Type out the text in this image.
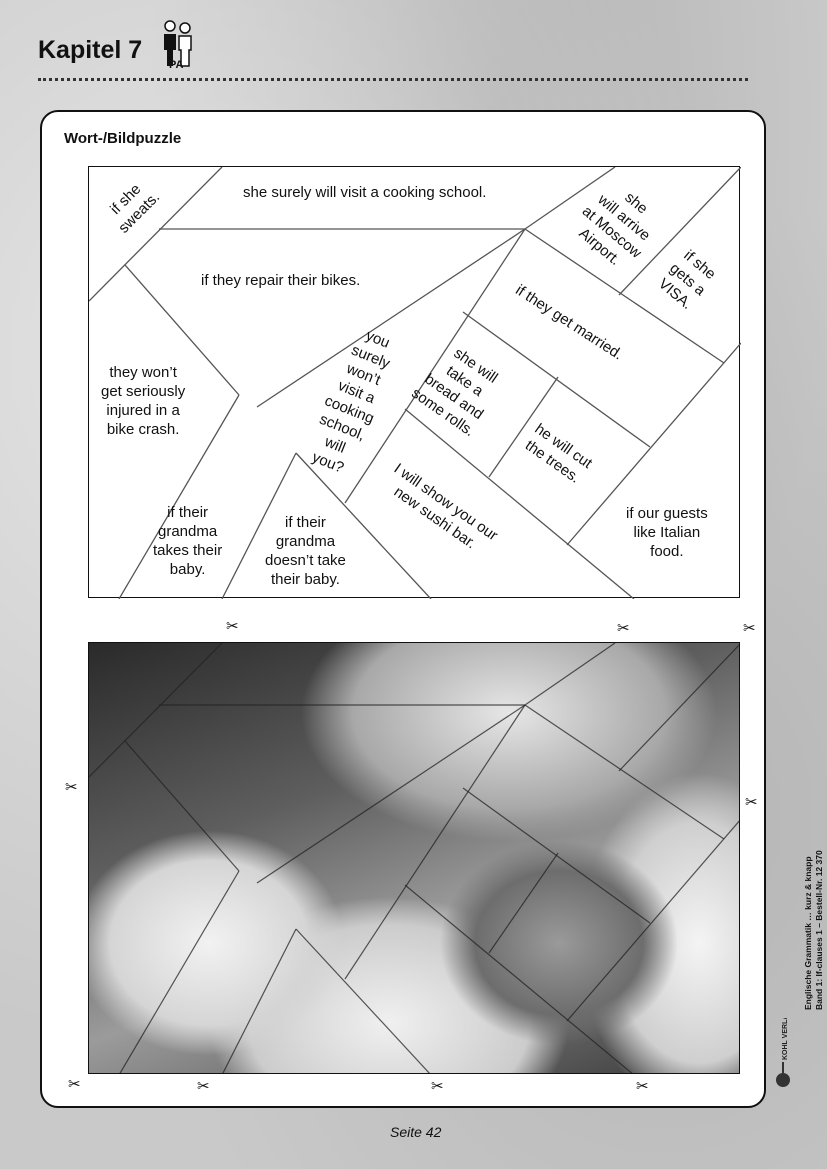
Kapitel 7
PA
Wort-/Bildpuzzle
if she
sweats.	she surely will visit a cooking school.	she
will arrive
at Moscow
Airport.	if she
gets a
VISA.
if they repair their bikes.
if they get married.
they won’t
get seriously
injured in a
bike crash.
you
surely
won’t
visit a
cooking
school,
will
you?
she will
take a
bread and
some rolls.
he will cut
the trees.
if their
grandma
takes their
baby.
if their
grandma
doesn’t take
their baby.
I will show you our
new sushi bar.	if our guests
like Italian
food.
✂	✂	✂
✂
✂
✂	✂	✂	✂
Englische Grammatik … kurz & knapp Band 1: If-clauses 1 – Bestell-Nr. 12 370
KOHL VERLAG
Seite 42
